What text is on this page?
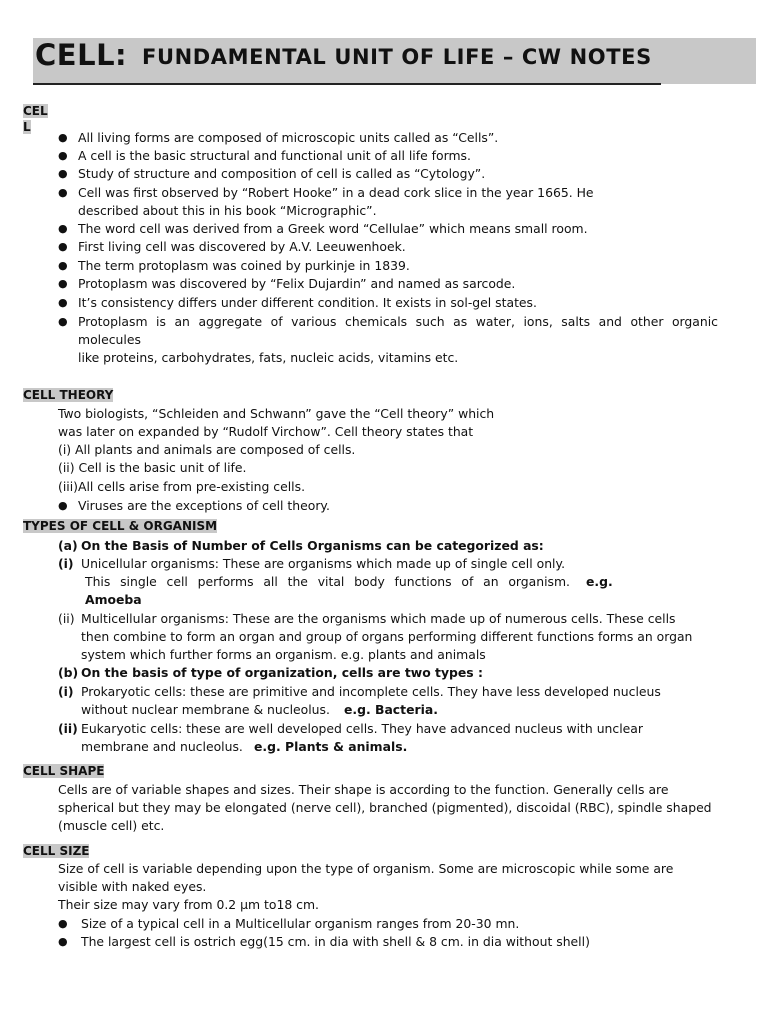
CELL: FUNDAMENTAL UNIT OF LIFE – CW NOTES
CEL
L
● All living forms are composed of microscopic units called as “Cells”.
● A cell is the basic structural and functional unit of all life forms.
● Study of structure and composition of cell is called as “Cytology”.
● Cell was first observed by “Robert Hooke” in a dead cork slice in the year 1665. He
described about this in his book “Micrographic”.
● The word cell was derived from a Greek word “Cellulae” which means small room.
● First living cell was discovered by A.V. Leeuwenhoek.
● The term protoplasm was coined by purkinje in 1839.
● Protoplasm was discovered by “Felix Dujardin” and named as sarcode.
● It’s consistency differs under different condition. It exists in sol-gel states.
● Protoplasm is an aggregate of various chemicals such as water, ions, salts and other organic
molecules
like proteins, carbohydrates, fats, nucleic acids, vitamins etc.
CELL THEORY
Two biologists, “Schleiden and Schwann” gave the “Cell theory” which
was later on expanded by “Rudolf Virchow”. Cell theory states that
(i) All plants and animals are composed of cells.
(ii) Cell is the basic unit of life.
(iii)All cells arise from pre-existing cells.
● Viruses are the exceptions of cell theory.
TYPES OF CELL & ORGANISM
(a) On the Basis of Number of Cells Organisms can be categorized as:
(i) Unicellular organisms: These are organisms which made up of single cell only.
This single cell performs all the vital body functions of an organism. e.g.
Amoeba
(ii) Multicellular organisms: These are the organisms which made up of numerous cells. These cells
then combine to form an organ and group of organs performing different functions forms an organ
system which further forms an organism. e.g. plants and animals
(b) On the basis of type of organization, cells are two types :
(i) Prokaryotic cells: these are primitive and incomplete cells. They have less developed nucleus
without nuclear membrane & nucleolus. e.g. Bacteria.
(ii) Eukaryotic cells: these are well developed cells. They have advanced nucleus with unclear
membrane and nucleolus. e.g. Plants & animals.
CELL SHAPE
Cells are of variable shapes and sizes. Their shape is according to the function. Generally cells are
spherical but they may be elongated (nerve cell), branched (pigmented), discoidal (RBC), spindle shaped
(muscle cell) etc.
CELL SIZE
Size of cell is variable depending upon the type of organism. Some are microscopic while some are
visible with naked eyes.
Their size may vary from 0.2 µm to18 cm.
● Size of a typical cell in a Multicellular organism ranges from 20-30 mn.
● The largest cell is ostrich egg(15 cm. in dia with shell & 8 cm. in dia without shell)
